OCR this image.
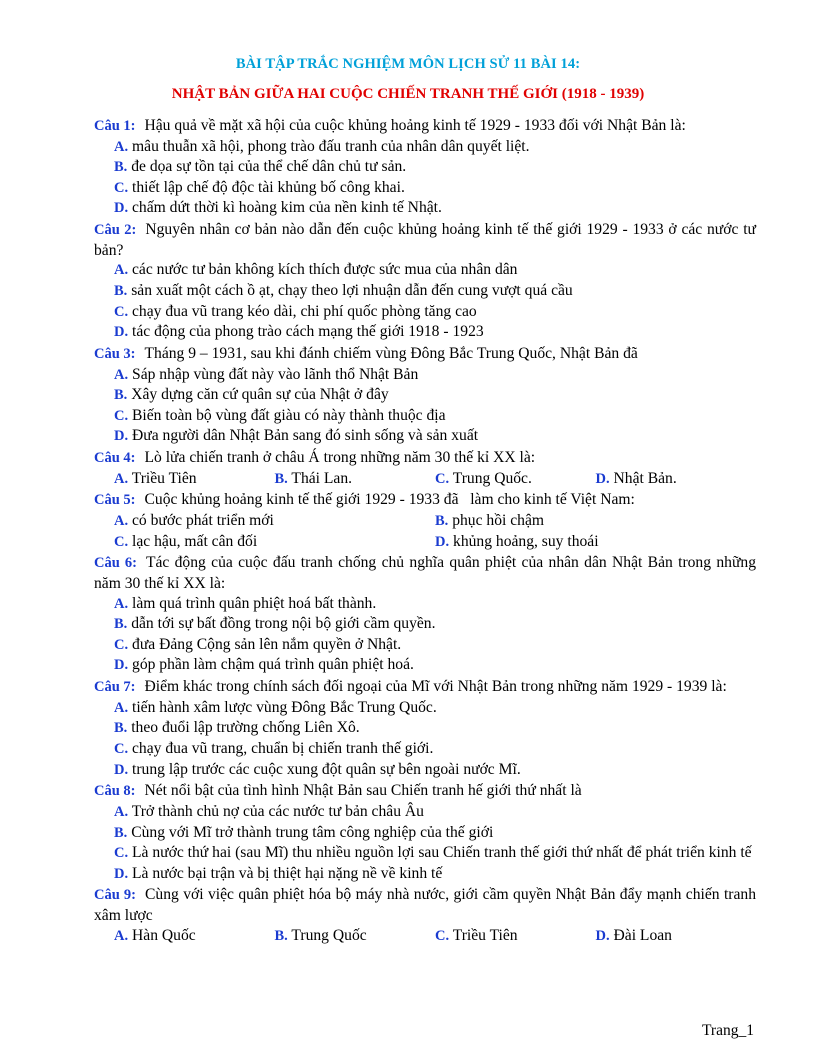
BÀI TẬP TRẮC NGHIỆM MÔN LỊCH SỬ 11 BÀI 14:
NHẬT BẢN GIỮA HAI CUỘC CHIẾN TRANH THẾ GIỚI (1918 - 1939)
Câu 1: Hậu quả về mặt xã hội của cuộc khủng hoảng kinh tế 1929 - 1933 đối với Nhật Bản là:
A. mâu thuẫn xã hội, phong trào đấu tranh của nhân dân quyết liệt.
B. đe dọa sự tồn tại của thể chế dân chủ tư sản.
C. thiết lập chế độ độc tài khủng bố công khai.
D. chấm dứt thời kì hoàng kim của nền kinh tế Nhật.
Câu 2: Nguyên nhân cơ bản nào dẫn đến cuộc khủng hoảng kinh tế thế giới 1929 - 1933 ở các nước tư bản?
A. các nước tư bản không kích thích được sức mua của nhân dân
B. sản xuất một cách ồ ạt, chạy theo lợi nhuận dẫn đến cung vượt quá cầu
C. chạy đua vũ trang kéo dài, chi phí quốc phòng tăng cao
D. tác động của phong trào cách mạng thế giới 1918 - 1923
Câu 3: Tháng 9 – 1931, sau khi đánh chiếm vùng Đông Bắc Trung Quốc, Nhật Bản đã
A. Sáp nhập vùng đất này vào lãnh thổ Nhật Bản
B. Xây dựng căn cứ quân sự của Nhật ở đây
C. Biến toàn bộ vùng đất giàu có này thành thuộc địa
D. Đưa người dân Nhật Bản sang đó sinh sống và sản xuất
Câu 4: Lò lửa chiến tranh ở châu Á trong những năm 30 thế kỉ XX là:
A. Triều Tiên	B. Thái Lan.	C. Trung Quốc.	D. Nhật Bản.
Câu 5: Cuộc khủng hoảng kinh tế thế giới 1929 - 1933 đã   làm cho kinh tế Việt Nam:
A. có bước phát triển mới	B. phục hồi chậm
C. lạc hậu, mất cân đối	D. khủng hoảng, suy thoái
Câu 6: Tác động của cuộc đấu tranh chống chủ nghĩa quân phiệt của nhân dân Nhật Bản trong những năm 30 thế kỉ XX là:
A. làm quá trình quân phiệt hoá bất thành.
B. dẫn tới sự bất đồng trong nội bộ giới cầm quyền.
C. đưa Đảng Cộng sản lên nắm quyền ở Nhật.
D. góp phần làm chậm quá trình quân phiệt hoá.
Câu 7: Điểm khác trong chính sách đối ngoại của Mĩ với Nhật Bản trong những năm 1929 - 1939 là:
A. tiến hành xâm lược vùng Đông Bắc Trung Quốc.
B. theo đuổi lập trường chống Liên Xô.
C. chạy đua vũ trang, chuẩn bị chiến tranh thế giới.
D. trung lập trước các cuộc xung đột quân sự bên ngoài nước Mĩ.
Câu 8: Nét nổi bật của tình hình Nhật Bản sau Chiến tranh hế giới thứ nhất là
A. Trở thành chủ nợ của các nước tư bản châu Âu
B. Cùng với Mĩ trở thành trung tâm công nghiệp của thế giới
C. Là nước thứ hai (sau Mĩ) thu nhiều nguồn lợi sau Chiến tranh thế giới thứ nhất để phát triển kinh tế
D. Là nước bại trận và bị thiệt hại nặng nề về kinh tế
Câu 9: Cùng với việc quân phiệt hóa bộ máy nhà nước, giới cầm quyền Nhật Bản đẩy mạnh chiến tranh xâm lược
A. Hàn Quốc	B. Trung Quốc	C. Triều Tiên	D. Đài Loan
Trang_1
